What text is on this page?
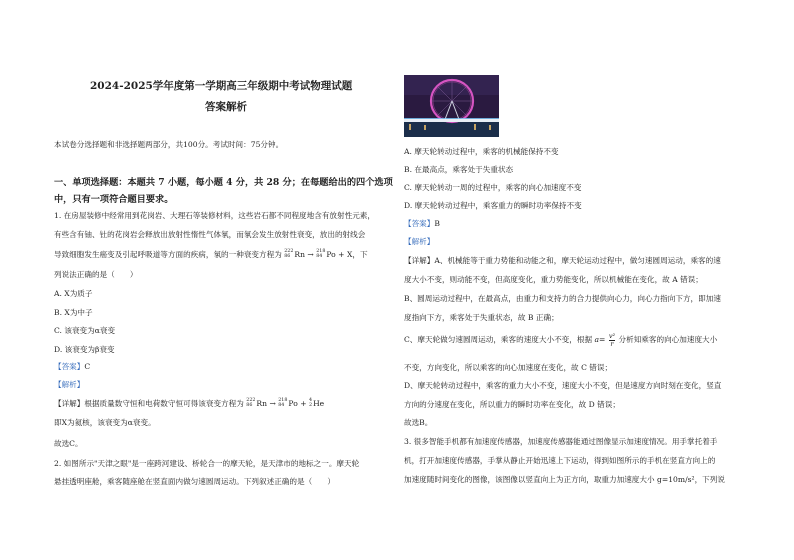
2024-2025学年度第一学期高三年级期中考试物理试题
答案解析
本试卷分选择题和非选择题两部分，共100分。考试时间：75分钟。
一、单项选择题：本题共 7 小题，每小题 4 分，共 28 分；在每题给出的四个选项
中，只有一项符合题目要求。
1. 在房屋装修中经常用到花岗岩、大理石等装修材料，这些岩石都不同程度地含有放射性元素，
有些含有铀、钍的花岗岩会释放出放射性惰性气体氡，而氡会发生放射性衰变，放出的射线会
导致细胞发生癌变及引起呼吸道等方面的疾病，氡的一种衰变方程为 222
86 Rn → 218
84 Po + X，下
列说法正确的是（　　）
A. X为质子
B. X为中子
C. 该衰变为α衰变
D. 该衰变为β衰变
【答案】C
【解析】
【详解】根据质量数守恒和电荷数守恒可得该衰变方程为 222
86 Rn → 218
84 Po + 4
2 He
即X为氦核，该衰变为α衰变。
故选C。
2. 如图所示"天津之眼"是一座跨河建设、桥轮合一的摩天轮，是天津市的地标之一。摩天轮
悬挂透明座舱，乘客随座舱在竖直面内做匀速圆周运动。下列叙述正确的是（　　）
A. 摩天轮转动过程中，乘客的机械能保持不变
B. 在最高点，乘客处于失重状态
C. 摩天轮转动一周的过程中，乘客的向心加速度不变
D. 摩天轮转动过程中，乘客重力的瞬时功率保持不变
【答案】B
【解析】
【详解】A、机械能等于重力势能和动能之和，摩天轮运动过程中，做匀速圆周运动，乘客的速
度大小不变，则动能不变，但高度变化，重力势能变化，所以机械能在变化，故 A 错误；
B、圆周运动过程中，在最高点，由重力和支持力的合力提供向心力，向心力指向下方，即加速
度指向下方，乘客处于失重状态，故 B 正确；
C、摩天轮做匀速圆周运动，乘客的速度大小不变，根据 $a= \frac{\text{v²}}{r}$ 分析知乘客的向心加速度大小
不变，方向变化，所以乘客的向心加速度在变化，故 C 错误；
D、摩天轮转动过程中，乘客的重力大小不变，速度大小不变，但是速度方向时刻在变化，竖直
方向的分速度在变化，所以重力的瞬时功率在变化，故 D 错误；
故选B。
3. 很多智能手机都有加速度传感器，加速度传感器能通过图像显示加速度情况。用手掌托着手
机，打开加速度传感器，手掌从静止开始迅速上下运动，得到如图所示的手机在竖直方向上的
加速度随时间变化的图像，该图像以竖直向上为正方向，取重力加速度大小 g=10m/s²，下列说
